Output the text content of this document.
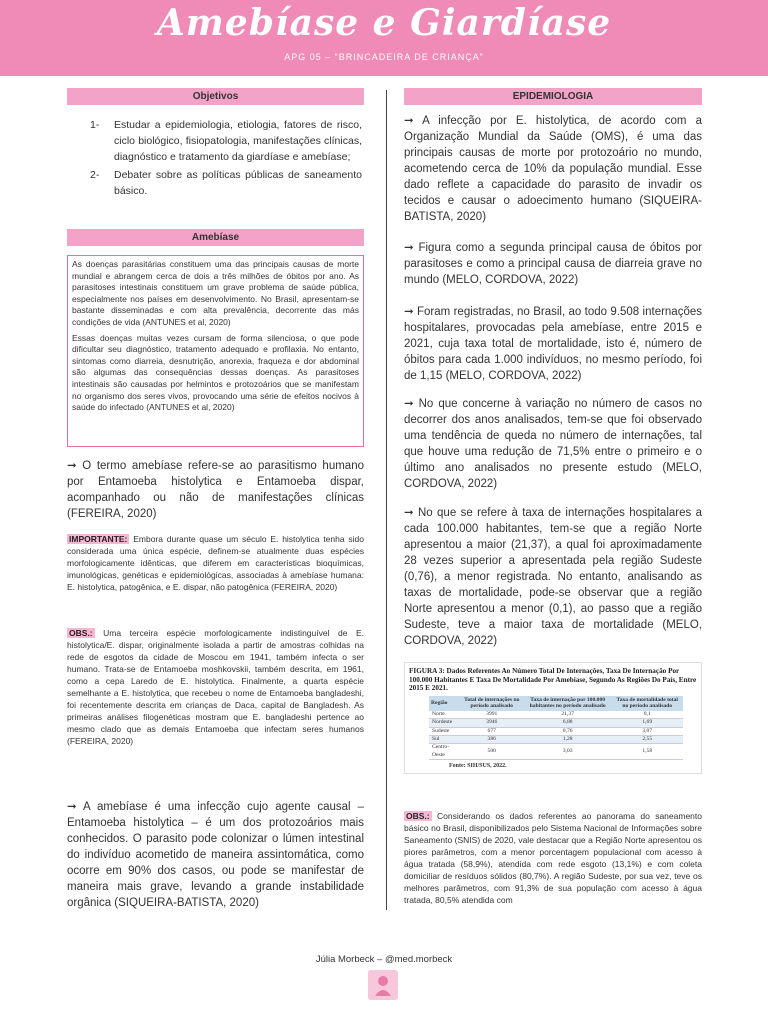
Amebíase e Giardíase
APG 05 – “BRINCADEIRA DE CRIANÇA”
Objetivos
1- Estudar a epidemiologia, etiologia, fatores de risco, ciclo biológico, fisiopatologia, manifestações clínicas, diagnóstico e tratamento da giardíase e amebíase;
2- Debater sobre as políticas públicas de saneamento básico.
Amebíase

As doenças parasitárias constituem uma das principais causas de morte mundial e abrangem cerca de dois a três milhões de óbitos por ano. As parasitoses intestinais constituem um grave problema de saúde pública, especialmente nos países em desenvolvimento. No Brasil, apresentam-se bastante disseminadas e com alta prevalência, decorrente das más condições de vida (ANTUNES et al, 2020)

Essas doenças muitas vezes cursam de forma silenciosa, o que pode dificultar seu diagnóstico, tratamento adequado e profilaxia. No entanto, sintomas como diarreia, desnutrição, anorexia, fraqueza e dor abdominal são algumas das consequências dessas doenças. As parasitoses intestinais são causadas por helmintos e protozoários que se manifestam no organismo dos seres vivos, provocando uma série de efeitos nocivos à saúde do infectado (ANTUNES et al, 2020)

➞ O termo amebíase refere-se ao parasitismo humano por Entamoeba histolytica e Entamoeba dispar, acompanhado ou não de manifestações clínicas (FEREIRA, 2020)
IMPORTANTE: Embora durante quase um século E. histolytica tenha sido considerada uma única espécie, definem-se atualmente duas espécies morfologicamente idênticas, que diferem em características bioquímicas, imunológicas, genéticas e epidemiológicas, associadas à amebíase humana: E. histolytica, patogênica, e E. dispar, não patogênica (FEREIRA, 2020)
OBS.: Uma terceira espécie morfologicamente indistinguível de E. histolytica/E. dispar, originalmente isolada a partir de amostras colhidas na rede de esgotos da cidade de Moscou em 1941, também infecta o ser humano. Trata-se de Entamoeba moshkovskii, também descrita, em 1961, como a cepa Laredo de E. histolytica. Finalmente, a quarta espécie semelhante a E. histolytica, que recebeu o nome de Entamoeba bangladeshi, foi recentemente descrita em crianças de Daca, capital de Bangladesh. As primeiras análises filogenéticas mostram que E. bangladeshi pertence ao mesmo clado que as demais Entamoeba que infectam seres humanos (FEREIRA, 2020)
➞ A amebíase é uma infecção cujo agente causal – Entamoeba histolytica – é um dos protozoários mais conhecidos. O parasito pode colonizar o lúmen intestinal do indivíduo acometido de maneira assintomática, como ocorre em 90% dos casos, ou pode se manifestar de maneira mais grave, levando a grande instabilidade orgânica (SIQUEIRA-BATISTA, 2020)
EPIDEMIOLOGIA
➞ A infecção por E. histolytica, de acordo com a Organização Mundial da Saúde (OMS), é uma das principais causas de morte por protozoário no mundo, acometendo cerca de 10% da população mundial. Esse dado reflete a capacidade do parasito de invadir os tecidos e causar o adoecimento humano (SIQUEIRA-BATISTA, 2020)
➞ Figura como a segunda principal causa de óbitos por parasitoses e como a principal causa de diarreia grave no mundo (MELO, CORDOVA, 2022)
➞ Foram registradas, no Brasil, ao todo 9.508 internações hospitalares, provocadas pela amebíase, entre 2015 e 2021, cuja taxa total de mortalidade, isto é, número de óbitos para cada 1.000 indivíduos, no mesmo período, foi de 1,15 (MELO, CORDOVA, 2022)
➞ No que concerne à variação no número de casos no decorrer dos anos analisados, tem-se que foi observado uma tendência de queda no número de internações, tal que houve uma redução de 71,5% entre o primeiro e o último ano analisados no presente estudo (MELO, CORDOVA, 2022)
➞ No que se refere à taxa de internações hospitalares a cada 100.000 habitantes, tem-se que a região Norte apresentou a maior (21,37), a qual foi aproximadamente 28 vezes superior a apresentada pela região Sudeste (0,76), a menor registrada. No entanto, analisando as taxas de mortalidade, pode-se observar que a região Norte apresentou a menor (0,1), ao passo que a região Sudeste, teve a maior taxa de mortalidade (MELO, CORDOVA, 2022)
FIGURA 3: Dados Referentes Ao Número Total De Internações, Taxa De Internação Por 100.000 Habitantes E Taxa De Mortalidade Por Amebíase, Segundo As Regiões Do País, Entre 2015 E 2021.
Região	Total de internações no período analisado	Taxa de internação por 100.000 habitantes no período analisado	Taxa de mortalidade total no período analisado
Norte	3991	21,37	0,1
Nordeste	3946	6,88	1,69
Sudeste	677	0,76	3,07
Sul	386	1,28	2,55
Centro-Oeste	500	3,03	1,58
Fonte: SIH/SUS, 2022.
OBS.: Considerando os dados referentes ao panorama do saneamento básico no Brasil, disponibilizados pelo Sistema Nacional de Informações sobre Saneamento (SNIS) de 2020, vale destacar que a Região Norte apresentou os piores parâmetros, com a menor porcentagem populacional com acesso à água tratada (58,9%), atendida com rede esgoto (13,1%) e com coleta domiciliar de resíduos sólidos (80,7%). A região Sudeste, por sua vez, teve os melhores parâmetros, com 91,3% de sua população com acesso à água tratada, 80,5% atendida com
Júlia Morbeck – @med.morbeck
